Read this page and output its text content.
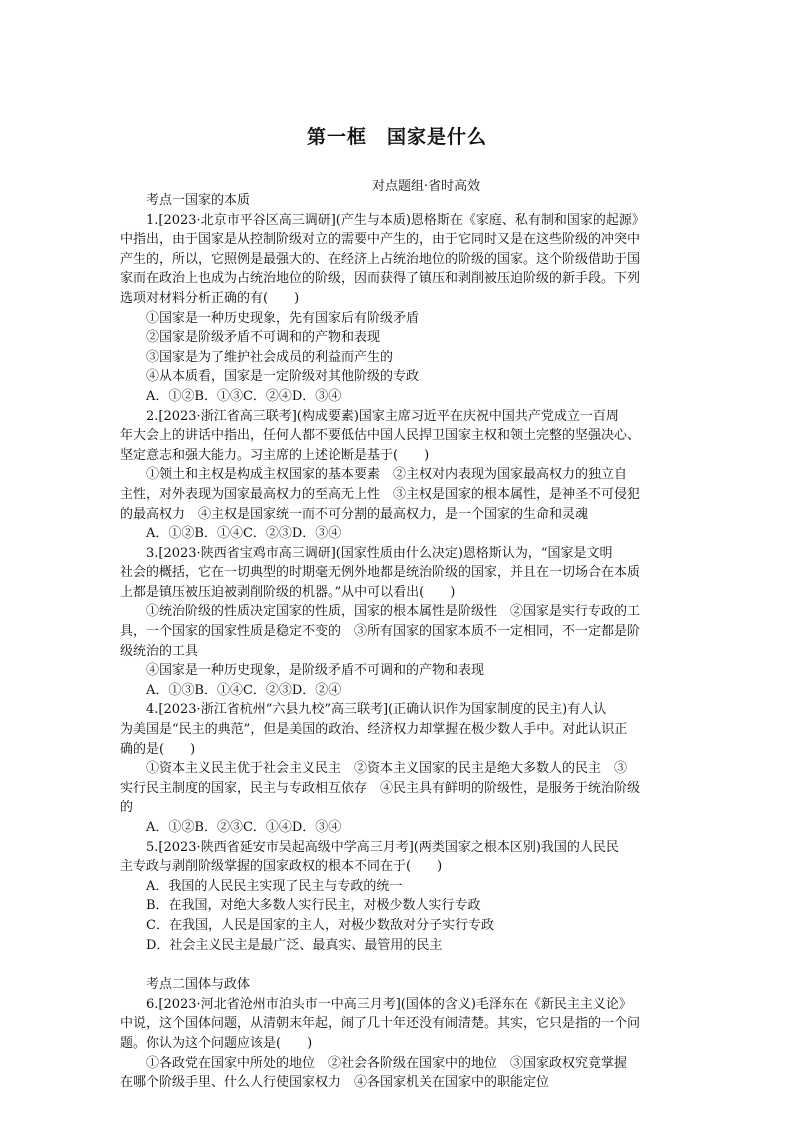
第一框　国家是什么
对点题组·省时高效
考点一国家的本质
1.[2023·北京市平谷区高三调研](产生与本质)恩格斯在《家庭、私有制和国家的起源》
中指出，由于国家是从控制阶级对立的需要中产生的，由于它同时又是在这些阶级的冲突中
产生的，所以，它照例是最强大的、在经济上占统治地位的阶级的国家。这个阶级借助于国
家而在政治上也成为占统治地位的阶级，因而获得了镇压和剥削被压迫阶级的新手段。下列
选项对材料分析正确的有(　　)
①国家是一种历史现象，先有国家后有阶级矛盾
②国家是阶级矛盾不可调和的产物和表现
③国家是为了维护社会成员的利益而产生的
④从本质看，国家是一定阶级对其他阶级的专政
A．①②B．①③C．②④D．③④
2.[2023·浙江省高三联考](构成要素)国家主席习近平在庆祝中国共产党成立一百周
年大会上的讲话中指出，任何人都不要低估中国人民捍卫国家主权和领土完整的坚强决心、
坚定意志和强大能力。习主席的上述论断是基于(　　)
①领土和主权是构成主权国家的基本要素　②主权对内表现为国家最高权力的独立自
主性，对外表现为国家最高权力的至高无上性　③主权是国家的根本属性，是神圣不可侵犯
的最高权力　④主权是国家统一而不可分割的最高权力，是一个国家的生命和灵魂
A．①②B．①④C．②③D．③④
3.[2023·陕西省宝鸡市高三调研](国家性质由什么决定)恩格斯认为，“国家是文明
社会的概括，它在一切典型的时期毫无例外地都是统治阶级的国家，并且在一切场合在本质
上都是镇压被压迫被剥削阶级的机器。”从中可以看出(　　)
①统治阶级的性质决定国家的性质，国家的根本属性是阶级性　②国家是实行专政的工
具，一个国家的国家性质是稳定不变的　③所有国家的国家本质不一定相同，不一定都是阶
级统治的工具
④国家是一种历史现象，是阶级矛盾不可调和的产物和表现
A．①③B．①④C．②③D．②④
4.[2023·浙江省杭州“六县九校”高三联考](正确认识作为国家制度的民主)有人认
为美国是“民主的典范”，但是美国的政治、经济权力却掌握在极少数人手中。对此认识正
确的是(　　)
①资本主义民主优于社会主义民主　②资本主义国家的民主是绝大多数人的民主　③
实行民主制度的国家，民主与专政相互依存　④民主具有鲜明的阶级性，是服务于统治阶级
的
A．①②B．②③C．①④D．③④
5.[2023·陕西省延安市吴起高级中学高三月考](两类国家之根本区别)我国的人民民
主专政与剥削阶级掌握的国家政权的根本不同在于(　　)
A．我国的人民民主实现了民主与专政的统一
B．在我国，对绝大多数人实行民主，对极少数人实行专政
C．在我国，人民是国家的主人，对极少数敌对分子实行专政
D．社会主义民主是最广泛、最真实、最管用的民主
考点二国体与政体
6.[2023·河北省沧州市泊头市一中高三月考](国体的含义)毛泽东在《新民主主义论》
中说，这个国体问题，从清朝末年起，闹了几十年还没有闹清楚。其实，它只是指的一个问
题。你认为这个问题应该是(　　)
①各政党在国家中所处的地位　②社会各阶级在国家中的地位　③国家政权究竟掌握
在哪个阶级手里、什么人行使国家权力　④各国家机关在国家中的职能定位
